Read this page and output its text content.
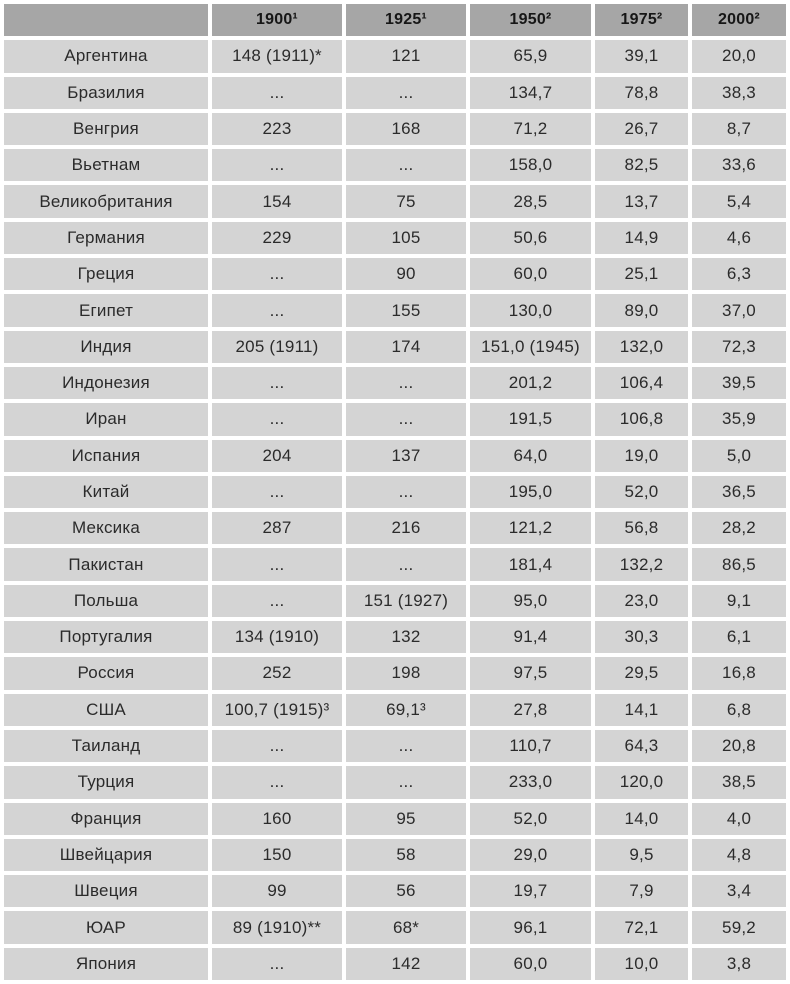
	1900¹	1925¹	1950²	1975²	2000²
Аргентина	148 (1911)*	121	65,9	39,1	20,0
Бразилия	...	...	134,7	78,8	38,3
Венгрия	223	168	71,2	26,7	8,7
Вьетнам	...	...	158,0	82,5	33,6
Великобритания	154	75	28,5	13,7	5,4
Германия	229	105	50,6	14,9	4,6
Греция	...	90	60,0	25,1	6,3
Египет	...	155	130,0	89,0	37,0
Индия	205 (1911)	174	151,0 (1945)	132,0	72,3
Индонезия	...	...	201,2	106,4	39,5
Иран	...	...	191,5	106,8	35,9
Испания	204	137	64,0	19,0	5,0
Китай	...	...	195,0	52,0	36,5
Мексика	287	216	121,2	56,8	28,2
Пакистан	...	...	181,4	132,2	86,5
Польша	...	151 (1927)	95,0	23,0	9,1
Португалия	134 (1910)	132	91,4	30,3	6,1
Россия	252	198	97,5	29,5	16,8
США	100,7 (1915)³	69,1³	27,8	14,1	6,8
Таиланд	...	...	110,7	64,3	20,8
Турция	...	...	233,0	120,0	38,5
Франция	160	95	52,0	14,0	4,0
Швейцария	150	58	29,0	9,5	4,8
Швеция	99	56	19,7	7,9	3,4
ЮАР	89 (1910)**	68*	96,1	72,1	59,2
Япония	...	142	60,0	10,0	3,8
